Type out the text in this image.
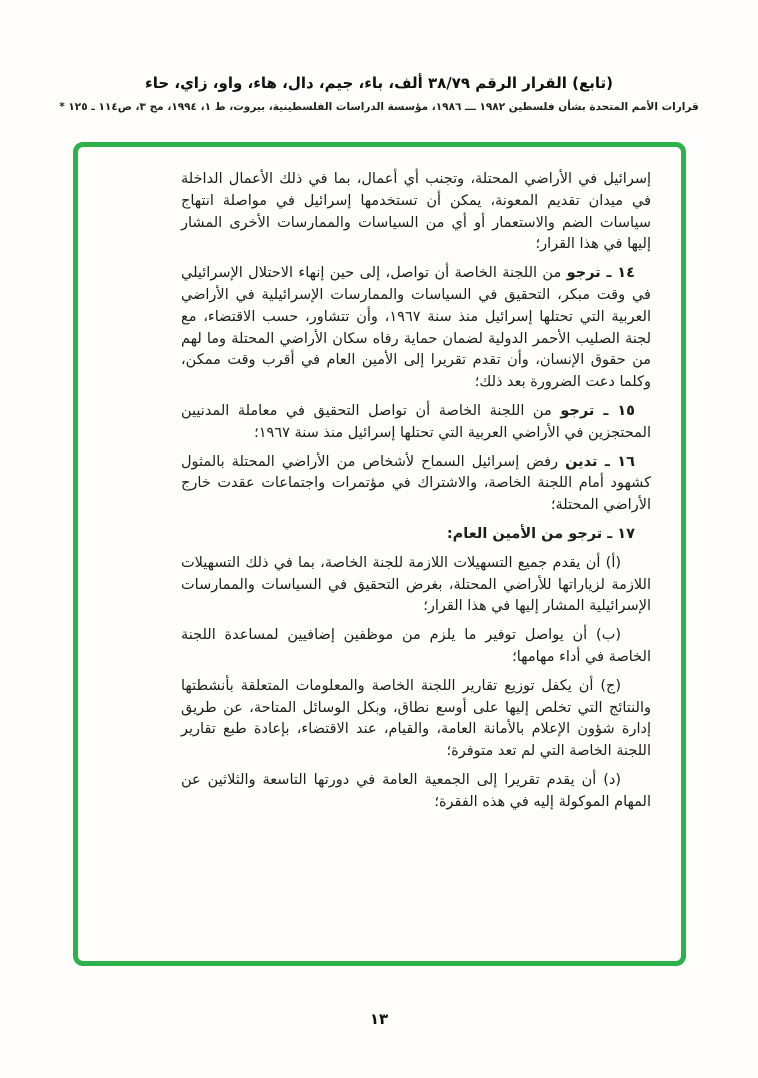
(تابع) القرار الرقم ٣٨/٧٩ ألف، باء، جيم، دال، هاء، واو، زاي، حاء
قرارات الأمم المتحدة بشأن فلسطين ١٩٨٢ ـــ ١٩٨٦، مؤسسة الدراسات الفلسطينية، بيروت، ط ١، ١٩٩٤، مج ٣، ص١١٤ ـ ١٢٥ *

إسرائيل في الأراضي المحتلة، وتجنب أي أعمال، بما في ذلك الأعمال الداخلة في ميدان تقديم المعونة، يمكن أن تستخدمها إسرائيل في مواصلة انتهاج سياسات الضم والاستعمار أو أي من السياسات والممارسات الأخرى المشار إليها في هذا القرار؛

١٤ ـ ترجو من اللجنة الخاصة أن تواصل، إلى حين إنهاء الاحتلال الإسرائيلي في وقت مبكر، التحقيق في السياسات والممارسات الإسرائيلية في الأراضي العربية التي تحتلها إسرائيل منذ سنة ١٩٦٧، وأن تتشاور، حسب الاقتضاء، مع لجنة الصليب الأحمر الدولية لضمان حماية رفاه سكان الأراضي المحتلة وما لهم من حقوق الإنسان، وأن تقدم تقريرا إلى الأمين العام في أقرب وقت ممكن، وكلما دعت الضرورة بعد ذلك؛

١٥ ـ ترجو من اللجنة الخاصة أن تواصل التحقيق في معاملة المدنيين المحتجزين في الأراضي العربية التي تحتلها إسرائيل منذ سنة ١٩٦٧؛

١٦ ـ تدين رفض إسرائيل السماح لأشخاص من الأراضي المحتلة بالمثول كشهود أمام اللجنة الخاصة، والاشتراك في مؤتمرات واجتماعات عقدت خارج الأراضي المحتلة؛

١٧ ـ ترجو من الأمين العام:

(أ) أن يقدم جميع التسهيلات اللازمة للجنة الخاصة، بما في ذلك التسهيلات اللازمة لزياراتها للأراضي المحتلة، بغرض التحقيق في السياسات والممارسات الإسرائيلية المشار إليها في هذا القرار؛

(ب) أن يواصل توفير ما يلزم من موظفين إضافيين لمساعدة اللجنة الخاصة في أداء مهامها؛

(ج) أن يكفل توزيع تقارير اللجنة الخاصة والمعلومات المتعلقة بأنشطتها والنتائج التي تخلص إليها على أوسع نطاق، وبكل الوسائل المتاحة، عن طريق إدارة شؤون الإعلام بالأمانة العامة، والقيام، عند الاقتضاء، بإعادة طبع تقارير اللجنة الخاصة التي لم تعد متوفرة؛

(د) أن يقدم تقريرا إلى الجمعية العامة في دورتها التاسعة والثلاثين عن المهام الموكولة إليه في هذه الفقرة؛

١٣
